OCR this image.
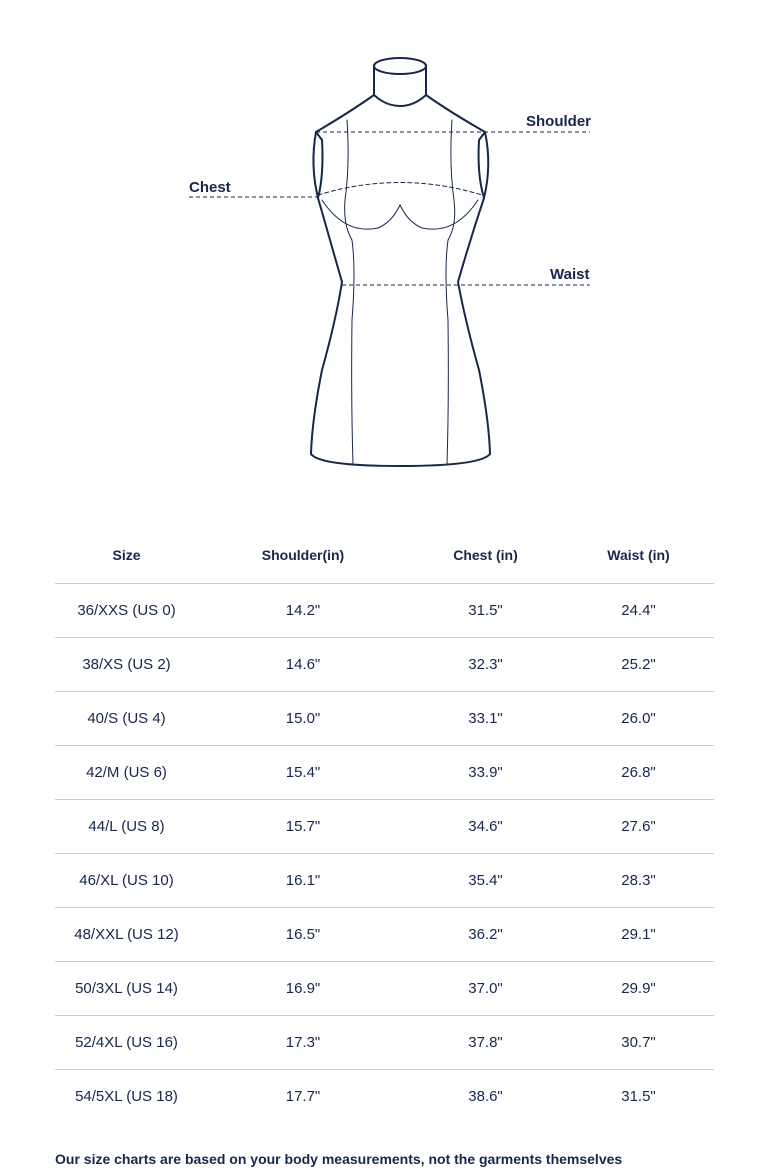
Shoulder
Chest
Waist
Size	Shoulder(in)	Chest (in)	Waist (in)
36/XXS (US 0)	14.2"	31.5"	24.4"
38/XS (US 2)	14.6"	32.3"	25.2"
40/S (US 4)	15.0"	33.1"	26.0"
42/M (US 6)	15.4"	33.9"	26.8"
44/L (US 8)	15.7"	34.6"	27.6"
46/XL (US 10)	16.1"	35.4"	28.3"
48/XXL (US 12)	16.5"	36.2"	29.1"
50/3XL (US 14)	16.9"	37.0"	29.9"
52/4XL (US 16)	17.3"	37.8"	30.7"
54/5XL (US 18)	17.7"	38.6"	31.5"
Our size charts are based on your body measurements, not the garments themselves
